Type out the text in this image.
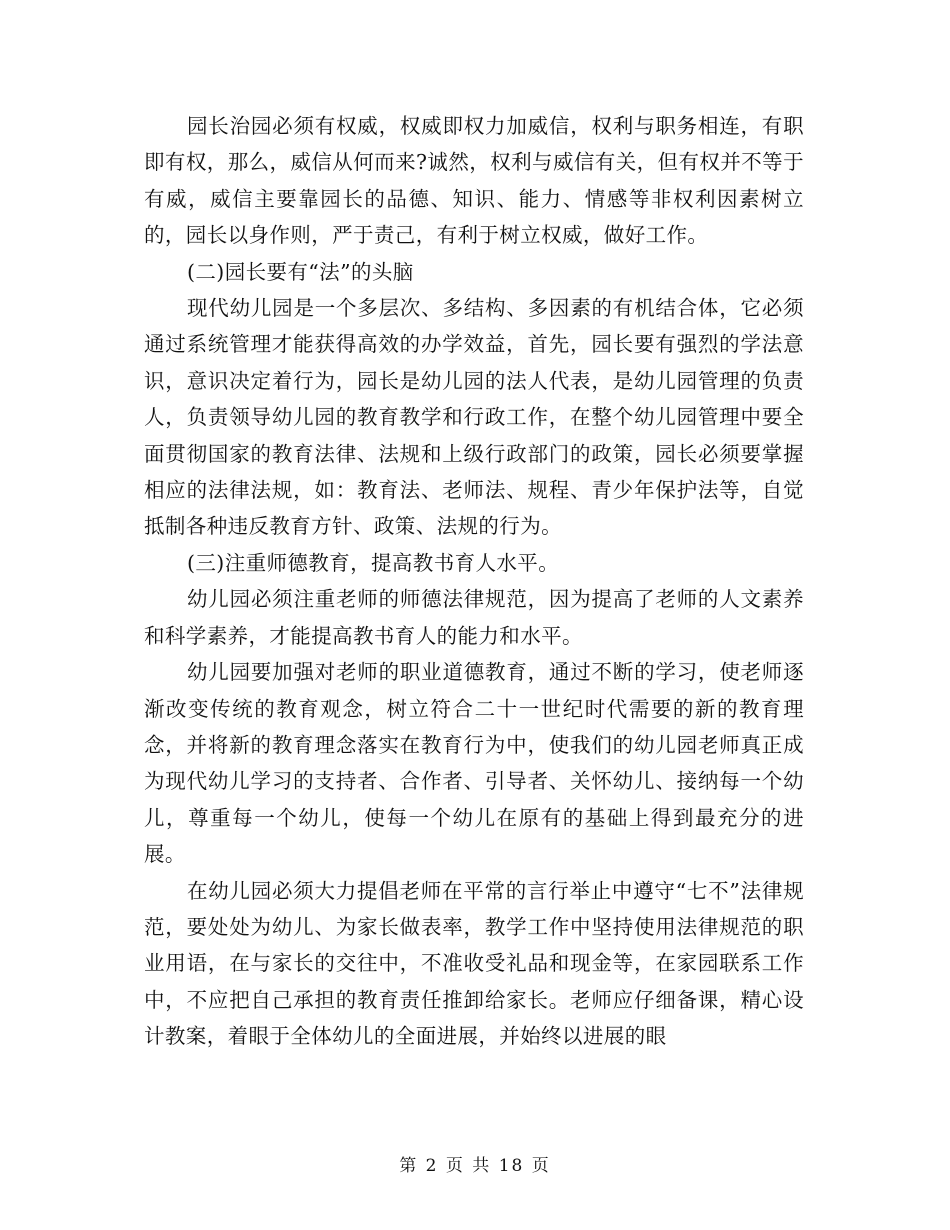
园长治园必须有权威，权威即权力加威信，权利与职务相连，有职即有权，那么，威信从何而来?诚然，权利与威信有关，但有权并不等于有威，威信主要靠园长的品德、知识、能力、情感等非权利因素树立的，园长以身作则，严于责己，有利于树立权威，做好工作。

(二)园长要有“法”的头脑

现代幼儿园是一个多层次、多结构、多因素的有机结合体，它必须通过系统管理才能获得高效的办学效益，首先，园长要有强烈的学法意识，意识决定着行为，园长是幼儿园的法人代表，是幼儿园管理的负责人，负责领导幼儿园的教育教学和行政工作，在整个幼儿园管理中要全面贯彻国家的教育法律、法规和上级行政部门的政策，园长必须要掌握相应的法律法规，如：教育法、老师法、规程、青少年保护法等，自觉抵制各种违反教育方针、政策、法规的行为。

(三)注重师德教育，提高教书育人水平。

幼儿园必须注重老师的师德法律规范，因为提高了老师的人文素养和科学素养，才能提高教书育人的能力和水平。

幼儿园要加强对老师的职业道德教育，通过不断的学习，使老师逐渐改变传统的教育观念，树立符合二十一世纪时代需要的新的教育理念，并将新的教育理念落实在教育行为中，使我们的幼儿园老师真正成为现代幼儿学习的支持者、合作者、引导者、关怀幼儿、接纳每一个幼儿，尊重每一个幼儿，使每一个幼儿在原有的基础上得到最充分的进展。

在幼儿园必须大力提倡老师在平常的言行举止中遵守“七不”法律规范，要处处为幼儿、为家长做表率，教学工作中坚持使用法律规范的职业用语，在与家长的交往中，不准收受礼品和现金等，在家园联系工作中，不应把自己承担的教育责任推卸给家长。老师应仔细备课，精心设计教案，着眼于全体幼儿的全面进展，并始终以进展的眼

第 2 页 共 18 页
